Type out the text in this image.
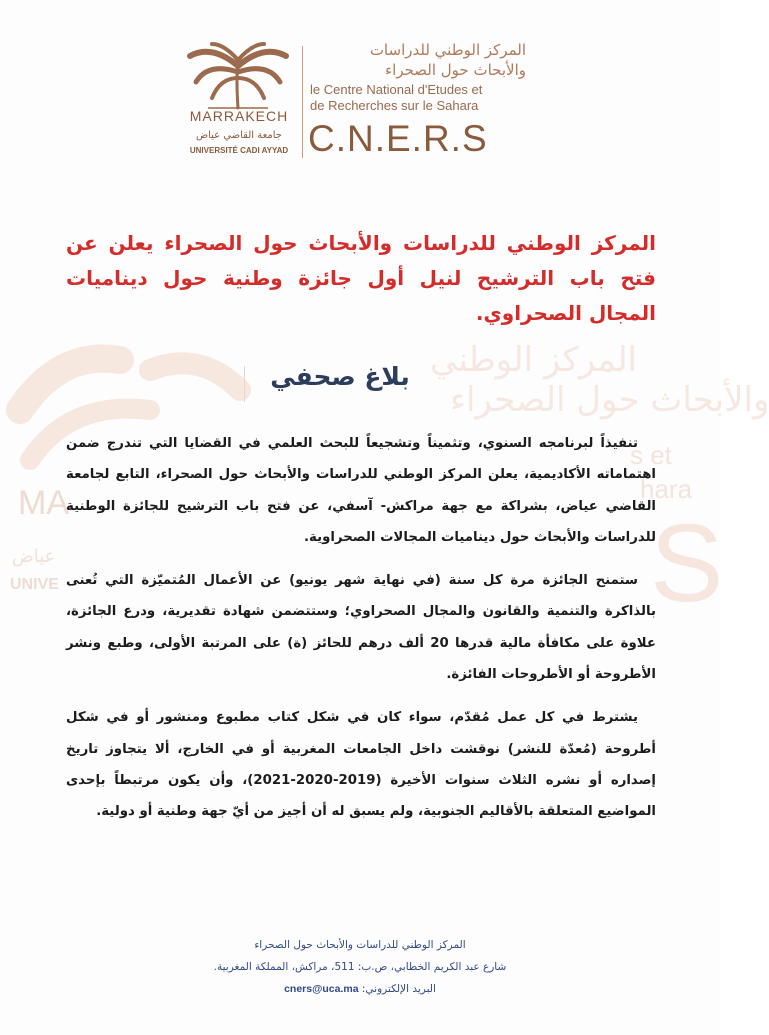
المركز الوطني
والأبحاث حول الصحراء
s et
hara
S
MA
عياض
UNIVE
MARRAKECH
جامعة القاضي عياض
UNIVERSITÉ CADI AYYAD
المركز الوطني للدراسات
والأبحاث حول الصحراء
le Centre National d'Etudes et
de Recherches sur le Sahara
C.N.E.R.S
المركز الوطني للدراسات والأبحاث حول الصحراء يعلن عن فتح باب الترشيح لنيل أول جائزة وطنية حول ديناميات المجال الصحراوي.
بلاغ صحفي

تنفيذاً لبرنامجه السنوي، وتثميناً وتشجيعاً للبحث العلمي في القضايا التي تندرج ضمن اهتماماته الأكاديمية، يعلن المركز الوطني للدراسات والأبحاث حول الصحراء، التابع لجامعة القاضي عياض، بشراكة مع جهة مراكش- آسفي، عن فتح باب الترشيح للجائزة الوطنية للدراسات والأبحاث حول ديناميات المجالات الصحراوية.

ستمنح الجائزة مرة كل سنة (في نهاية شهر يونيو) عن الأعمال المُتميّزة التي تُعنى بالذاكرة والتنمية والقانون والمجال الصحراوي؛ وستتضمن شهادة تقديرية، ودرع الجائزة، علاوة على مكافأة مالية قدرها 20 ألف درهم للحائز (ة) على المرتبة الأولى، وطبع ونشر الأطروحة أو الأطروحات الفائزة.

يشترط في كل عمل مُقدّم، سواء كان في شكل كتاب مطبوع ومنشور أو في شكل أطروحة (مُعدّة للنشر) نوقشت داخل الجامعات المغربية أو في الخارج، ألا يتجاوز تاريخ إصداره أو نشره الثلاث سنوات الأخيرة (2019-2020-2021)، وأن يكون مرتبطاً بإحدى المواضيع المتعلقة بالأقاليم الجنوبية، ولم يسبق له أن أجيز من أيّ جهة وطنية أو دولية.

المركز الوطني للدراسات والأبحاث حول الصحراء
شارع عبد الكريم الخطابي، ص.ب: 511، مراكش، المملكة المغربية.
البريد الإلكتروني: cners@uca.ma
